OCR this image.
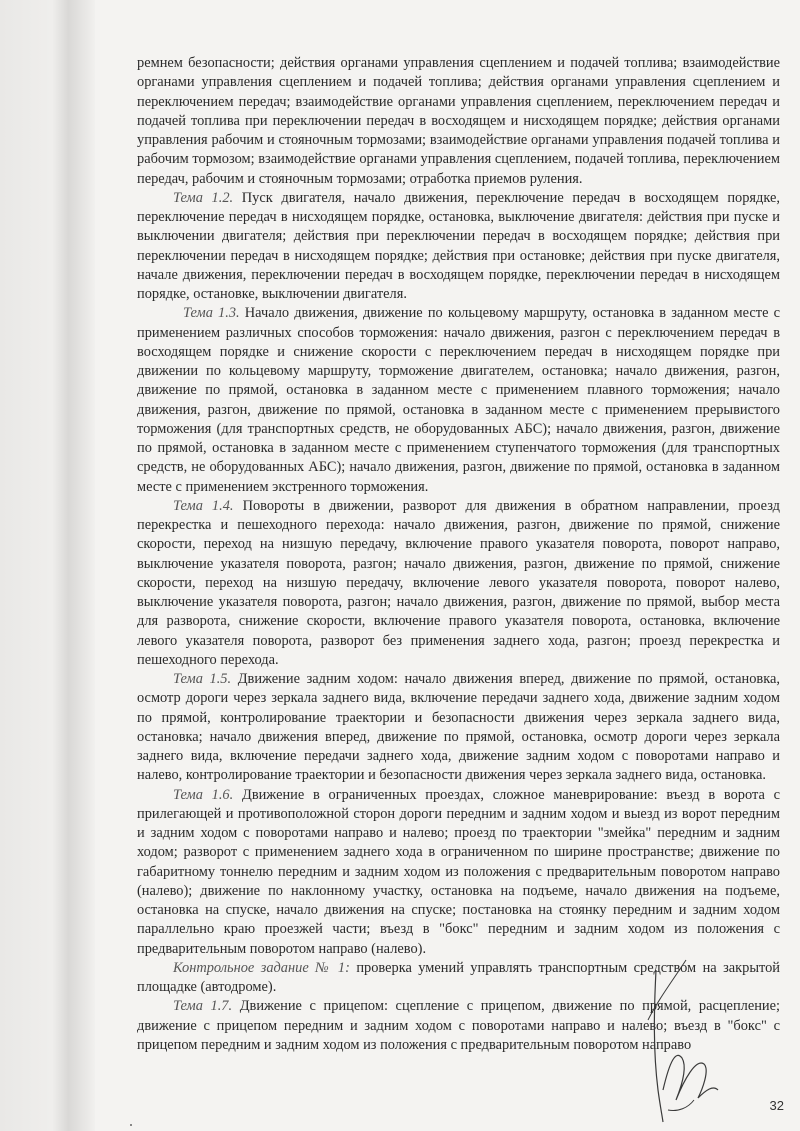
ремнем безопасности; действия органами управления сцеплением и подачей топлива; взаимодействие органами управления сцеплением и подачей топлива; действия органами управления сцеплением и переключением передач; взаимодействие органами управления сцеплением, переключением передач и подачей топлива при переключении передач в восходящем и нисходящем порядке; действия органами управления рабочим и стояночным тормозами; взаимодействие органами управления подачей топлива и рабочим тормозом; взаимодействие органами управления сцеплением, подачей топлива, переключением передач, рабочим и стояночным тормозами; отработка приемов руления.

Тема 1.2. Пуск двигателя, начало движения, переключение передач в восходящем порядке, переключение передач в нисходящем порядке, остановка, выключение двигателя: действия при пуске и выключении двигателя; действия при переключении передач в восходящем порядке; действия при переключении передач в нисходящем порядке; действия при остановке; действия при пуске двигателя, начале движения, переключении передач в восходящем порядке, переключении передач в нисходящем порядке, остановке, выключении двигателя.

Тема 1.3. Начало движения, движение по кольцевому маршруту, остановка в заданном месте с применением различных способов торможения: начало движения, разгон с переключением передач в восходящем порядке и снижение скорости с переключением передач в нисходящем порядке при движении по кольцевому маршруту, торможение двигателем, остановка; начало движения, разгон, движение по прямой, остановка в заданном месте с применением плавного торможения; начало движения, разгон, движение по прямой, остановка в заданном месте с применением прерывистого торможения (для транспортных средств, не оборудованных АБС); начало движения, разгон, движение по прямой, остановка в заданном месте с применением ступенчатого торможения (для транспортных средств, не оборудованных АБС); начало движения, разгон, движение по прямой, остановка в заданном месте с применением экстренного торможения.

Тема 1.4. Повороты в движении, разворот для движения в обратном направлении, проезд перекрестка и пешеходного перехода: начало движения, разгон, движение по прямой, снижение скорости, переход на низшую передачу, включение правого указателя поворота, поворот направо, выключение указателя поворота, разгон; начало движения, разгон, движение по прямой, снижение скорости, переход на низшую передачу, включение левого указателя поворота, поворот налево, выключение указателя поворота, разгон; начало движения, разгон, движение по прямой, выбор места для разворота, снижение скорости, включение правого указателя поворота, остановка, включение левого указателя поворота, разворот без применения заднего хода, разгон; проезд перекрестка и пешеходного перехода.

Тема 1.5. Движение задним ходом: начало движения вперед, движение по прямой, остановка, осмотр дороги через зеркала заднего вида, включение передачи заднего хода, движение задним ходом по прямой, контролирование траектории и безопасности движения через зеркала заднего вида, остановка; начало движения вперед, движение по прямой, остановка, осмотр дороги через зеркала заднего вида, включение передачи заднего хода, движение задним ходом с поворотами направо и налево, контролирование траектории и безопасности движения через зеркала заднего вида, остановка.

Тема 1.6. Движение в ограниченных проездах, сложное маневрирование: въезд в ворота с прилегающей и противоположной сторон дороги передним и задним ходом и выезд из ворот передним и задним ходом с поворотами направо и налево; проезд по траектории "змейка" передним и задним ходом; разворот с применением заднего хода в ограниченном по ширине пространстве; движение по габаритному тоннелю передним и задним ходом из положения с предварительным поворотом направо (налево); движение по наклонному участку, остановка на подъеме, начало движения на подъеме, остановка на спуске, начало движения на спуске; постановка на стоянку передним и задним ходом параллельно краю проезжей части; въезд в "бокс" передним и задним ходом из положения с предварительным поворотом направо (налево).

Контрольное задание № 1: проверка умений управлять транспортным средством на закрытой площадке (автодроме).

Тема 1.7. Движение с прицепом: сцепление с прицепом, движение по прямой, расцепление; движение с прицепом передним и задним ходом с поворотами направо и налево; въезд в "бокс" с прицепом передним и задним ходом из положения с предварительным поворотом направо

32
